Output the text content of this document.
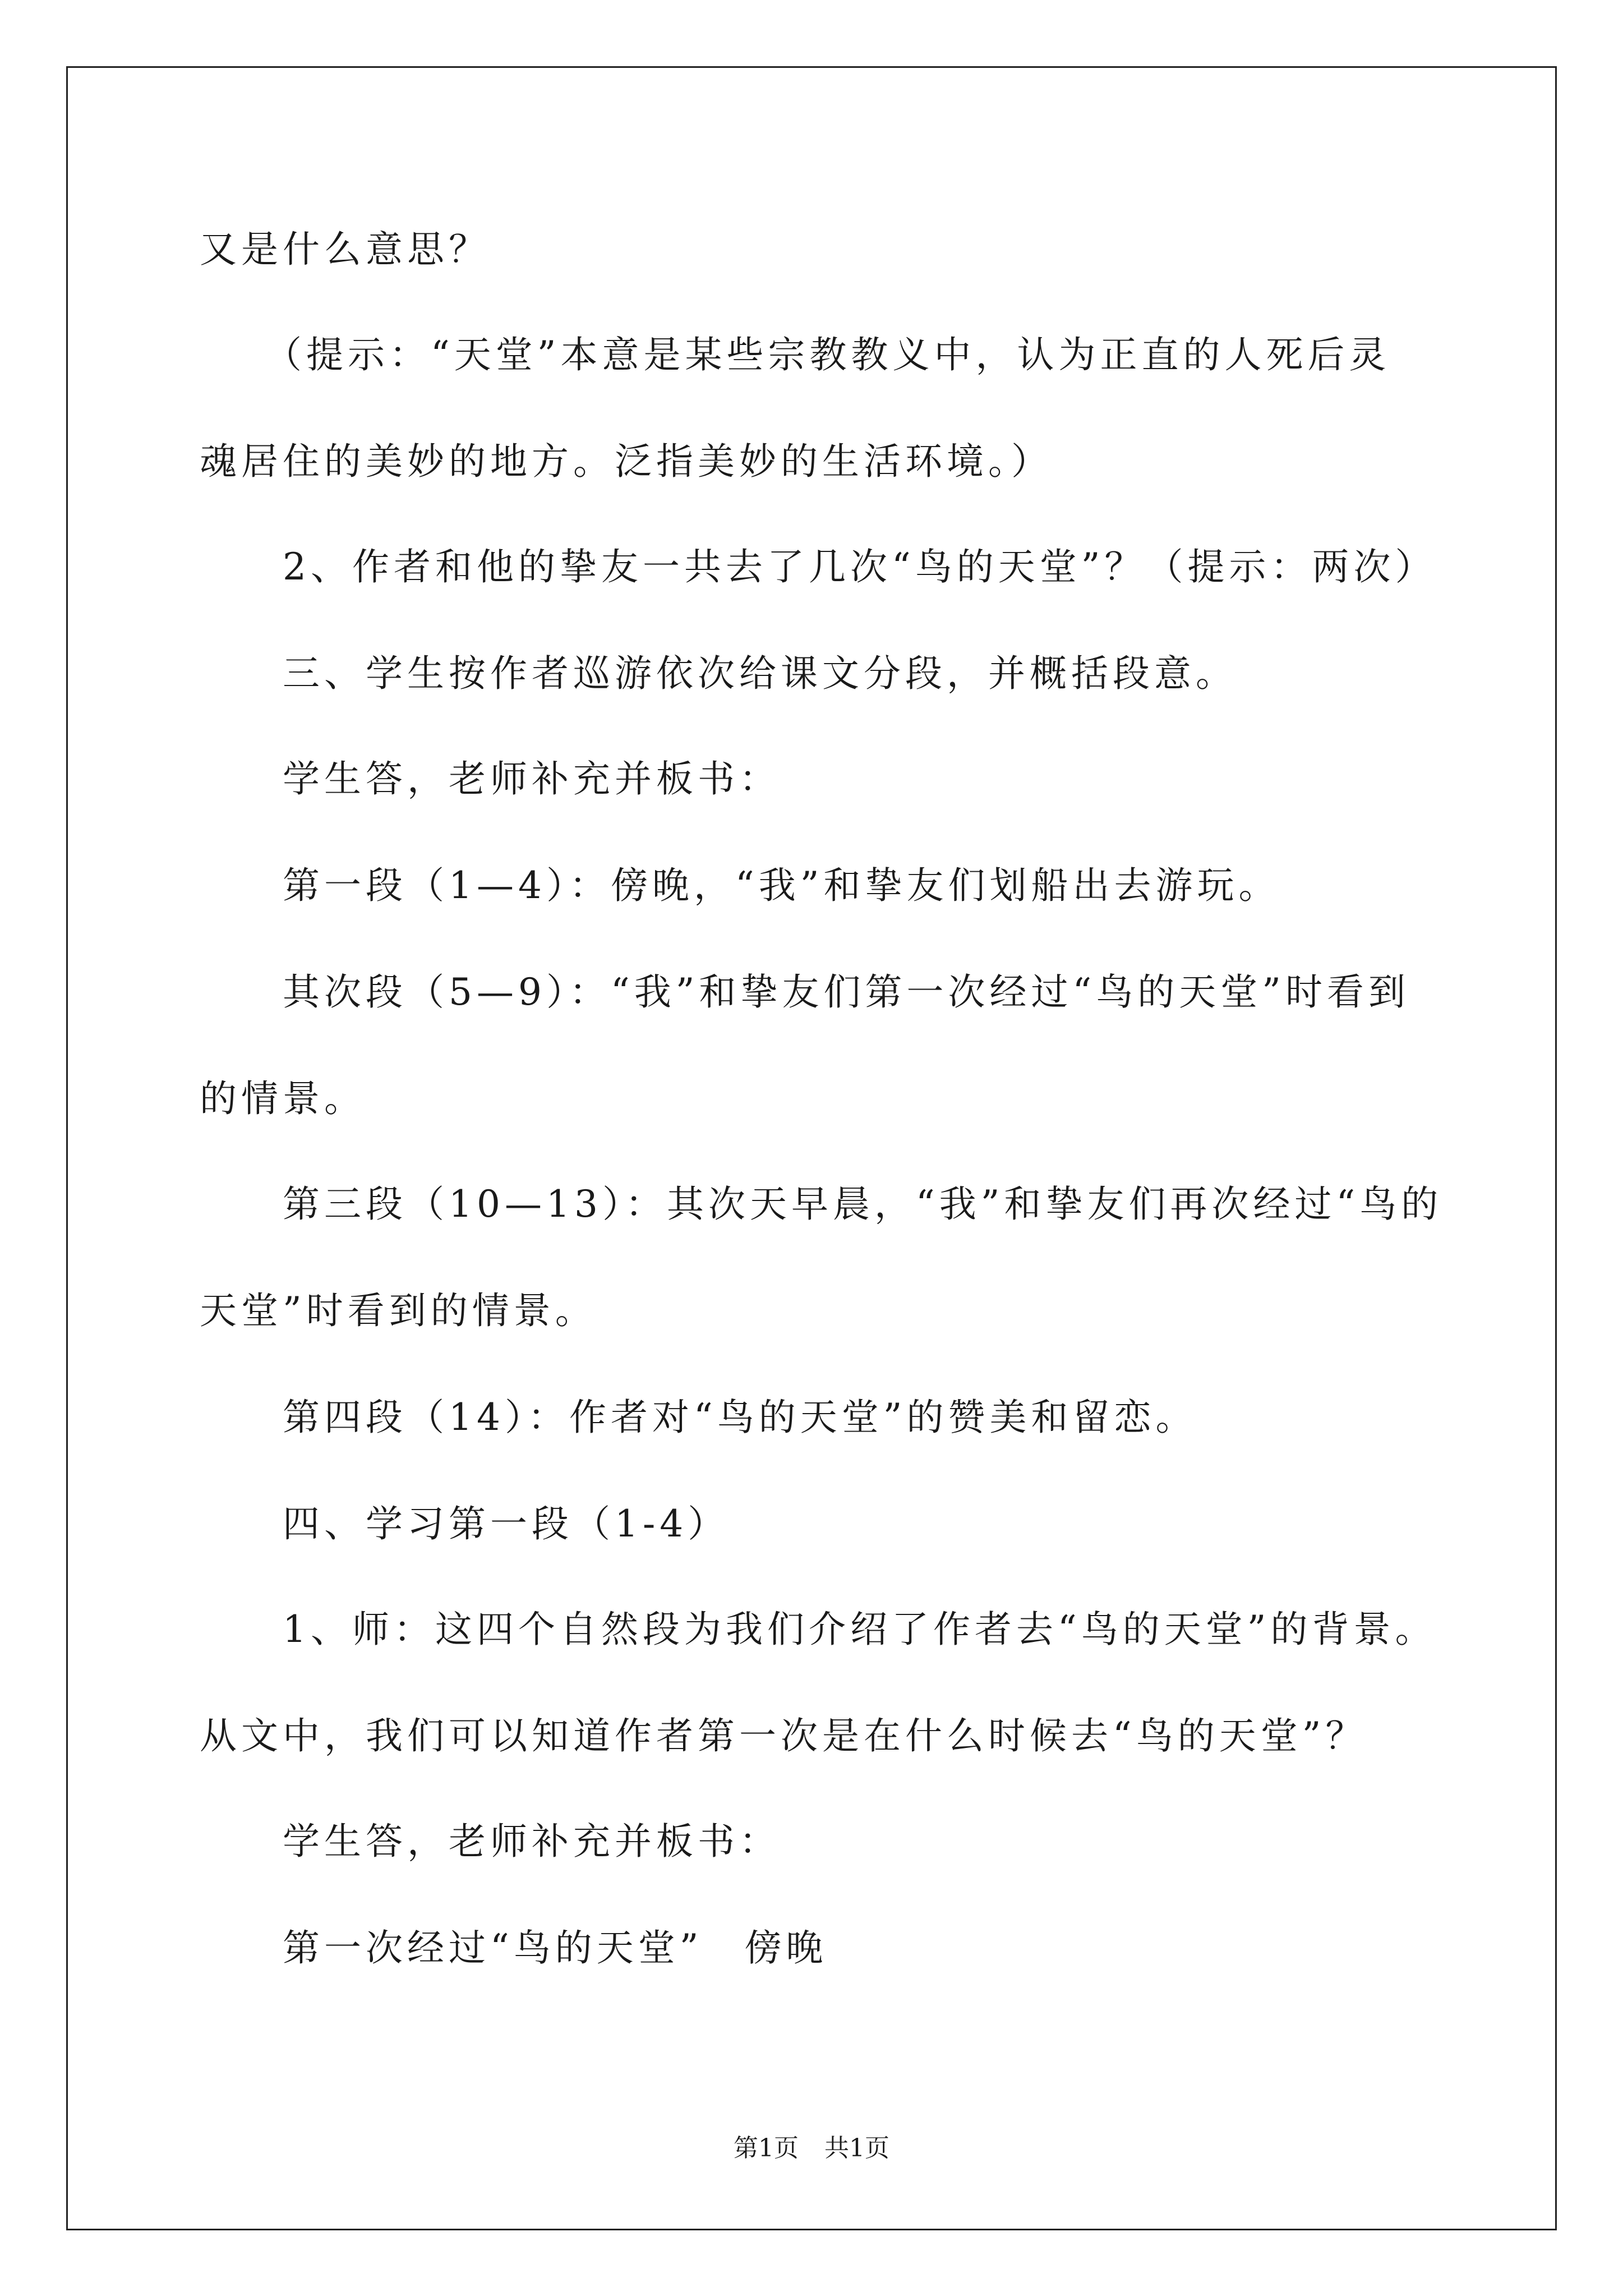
又是什么意思？
（提示：“天堂”本意是某些宗教教义中，认为正直的人死后灵
魂居住的美妙的地方。泛指美妙的生活环境。）
2、作者和他的挚友一共去了几次“鸟的天堂”？（提示：两次）
三、学生按作者巡游依次给课文分段，并概括段意。
学生答，老师补充并板书：
第一段（1—4）：傍晚，“我”和挚友们划船出去游玩。
其次段（5—9）：“我”和挚友们第一次经过“鸟的天堂”时看到
的情景。
第三段（10—13）：其次天早晨，“我”和挚友们再次经过“鸟的
天堂”时看到的情景。
第四段（14）：作者对“鸟的天堂”的赞美和留恋。
四、学习第一段（1-4）
1、师：这四个自然段为我们介绍了作者去“鸟的天堂”的背景。
从文中，我们可以知道作者第一次是在什么时候去“鸟的天堂”？
学生答，老师补充并板书：
第一次经过“鸟的天堂”　傍晚
第1页 共1页
